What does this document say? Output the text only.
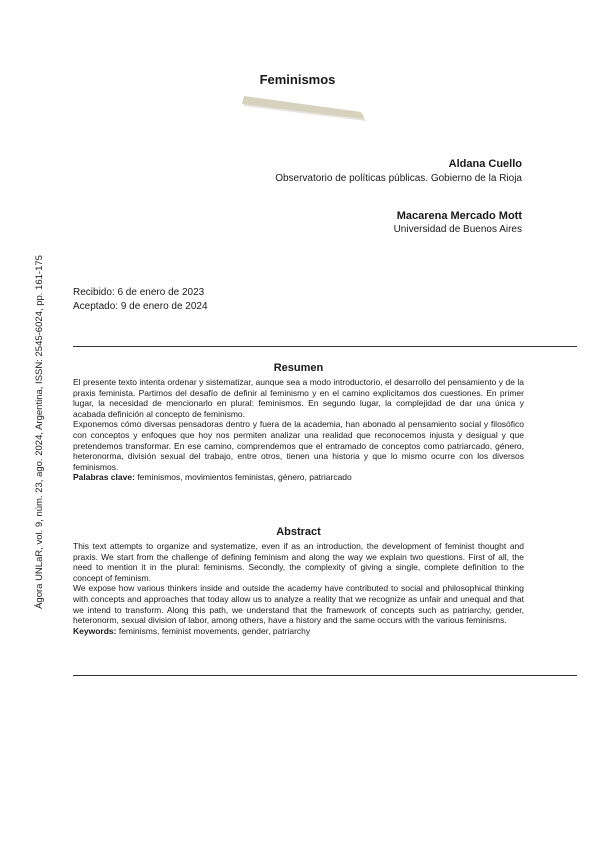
Feminismos
Aldana Cuello
Observatorio de políticas públicas. Gobierno de la Rioja
Macarena Mercado Mott
Universidad de Buenos Aires
Ágora UNLaR, vol. 9, núm. 23, ago. 2024, Argentina, ISSN: 2545-6024, pp. 161-175	Recibido: 6 de enero de 2023
Aceptado: 9 de enero de 2024
Resumen

El presente texto intenta ordenar y sistematizar, aunque sea a modo introductorio, el desarrollo del pensamiento y de la praxis feminista. Partimos del desafío de definir al feminismo y en el camino explicitamos dos cuestiones. En primer lugar, la necesidad de mencionarlo en plural: feminismos. En segundo lugar, la complejidad de dar una única y acabada definición al concepto de feminismo.

Exponemos cómo diversas pensadoras dentro y fuera de la academia, han abonado al pensamiento social y filosófico con conceptos y enfoques que hoy nos permiten analizar una realidad que reconocemos injusta y desigual y que pretendemos transformar. En ese camino, comprendemos que el entramado de conceptos como patriarcado, género, heteronorma, división sexual del trabajo, entre otros, tienen una historia y que lo mismo ocurre con los diversos feminismos.

Palabras clave: feminismos, movimientos feministas, género, patriarcado

Abstract

This text attempts to organize and systematize, even if as an introduction, the development of feminist thought and praxis. We start from the challenge of defining feminism and along the way we explain two questions. First of all, the need to mention it in the plural: feminisms. Secondly, the complexity of giving a single, complete definition to the concept of feminism.

We expose how various thinkers inside and outside the academy have contributed to social and philosophical thinking with concepts and approaches that today allow us to analyze a reality that we recognize as unfair and unequal and that we intend to transform. Along this path, we understand that the framework of concepts such as patriarchy, gender, heteronorm, sexual division of labor, among others, have a history and the same occurs with the various feminisms.

Keywords: feminisms, feminist movements, gender, patriarchy
